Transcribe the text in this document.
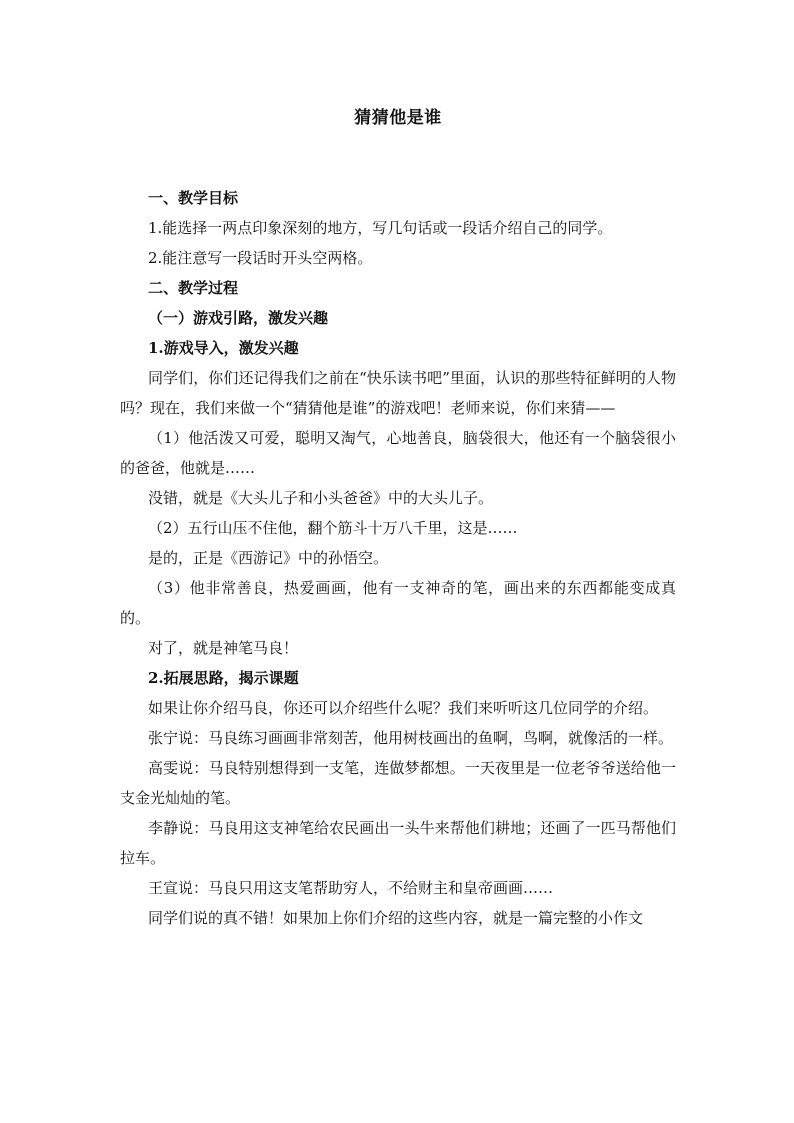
猜猜他是谁

一、教学目标

1.能选择一两点印象深刻的地方，写几句话或一段话介绍自己的同学。

2.能注意写一段话时开头空两格。

二、教学过程

（一）游戏引路，激发兴趣

1.游戏导入，激发兴趣

同学们，你们还记得我们之前在“快乐读书吧”里面，认识的那些特征鲜明的人物吗？现在，我们来做一个“猜猜他是谁”的游戏吧！老师来说，你们来猜——

（1）他活泼又可爱，聪明又淘气，心地善良，脑袋很大，他还有一个脑袋很小的爸爸，他就是……

没错，就是《大头儿子和小头爸爸》中的大头儿子。

（2）五行山压不住他，翻个筋斗十万八千里，这是……

是的，正是《西游记》中的孙悟空。

（3）他非常善良，热爱画画，他有一支神奇的笔，画出来的东西都能变成真的。

对了，就是神笔马良！

2.拓展思路，揭示课题

如果让你介绍马良，你还可以介绍些什么呢？我们来听听这几位同学的介绍。

张宁说：马良练习画画非常刻苦，他用树枝画出的鱼啊，鸟啊，就像活的一样。

高雯说：马良特别想得到一支笔，连做梦都想。一天夜里是一位老爷爷送给他一支金光灿灿的笔。

李静说：马良用这支神笔给农民画出一头牛来帮他们耕地；还画了一匹马帮他们拉车。

王宣说：马良只用这支笔帮助穷人，不给财主和皇帝画画……

同学们说的真不错！如果加上你们介绍的这些内容，就是一篇完整的小作文
